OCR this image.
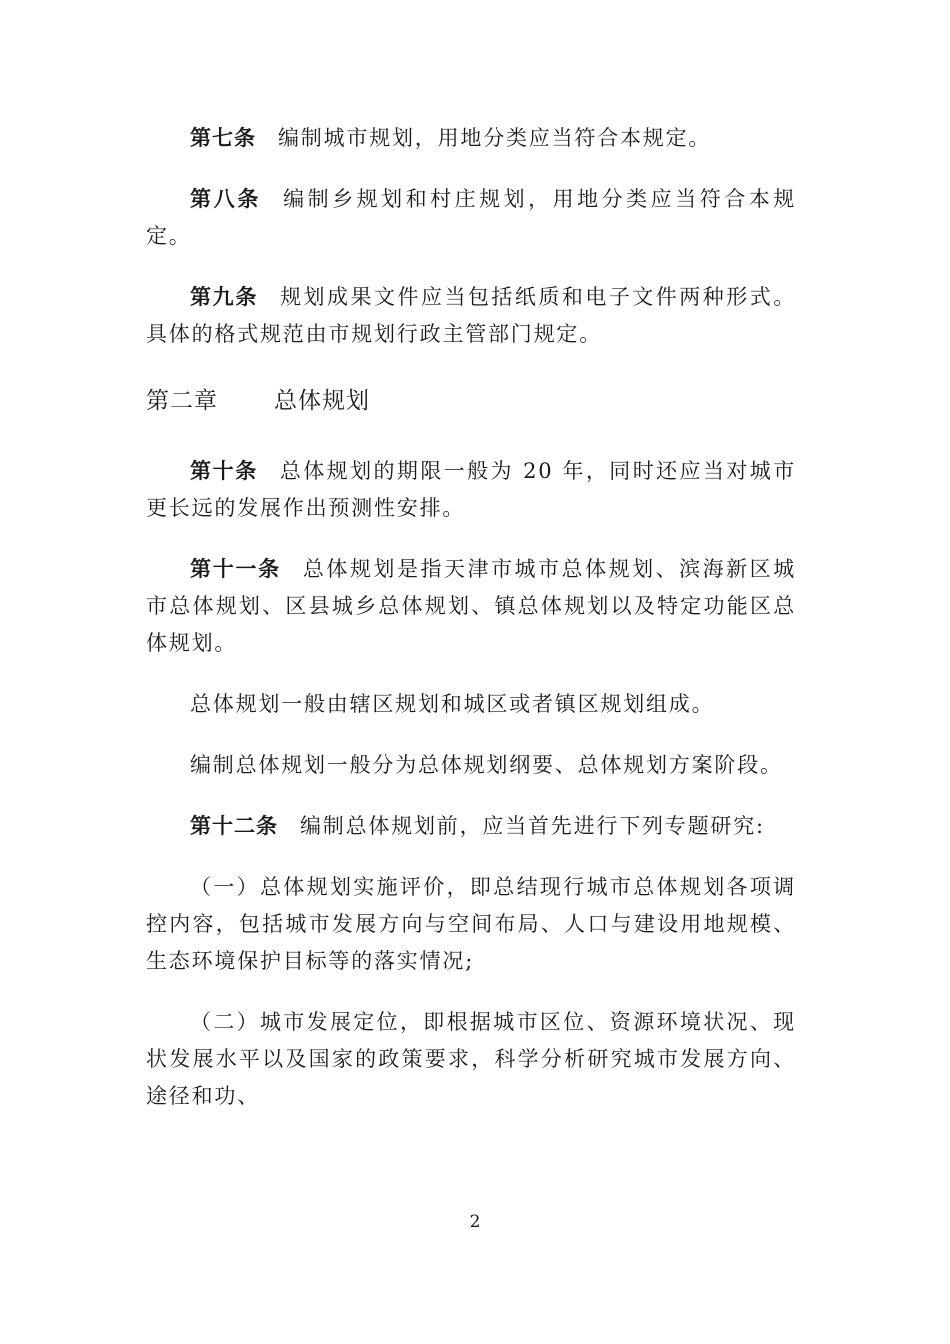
第七条 编制城市规划，用地分类应当符合本规定。

第八条 编制乡规划和村庄规划，用地分类应当符合本规定。

第九条 规划成果文件应当包括纸质和电子文件两种形式。具体的格式规范由市规划行政主管部门规定。

第二章 总体规划

第十条 总体规划的期限一般为 20 年，同时还应当对城市更长远的发展作出预测性安排。

第十一条 总体规划是指天津市城市总体规划、滨海新区城市总体规划、区县城乡总体规划、镇总体规划以及特定功能区总体规划。

总体规划一般由辖区规划和城区或者镇区规划组成。

编制总体规划一般分为总体规划纲要、总体规划方案阶段。

第十二条 编制总体规划前，应当首先进行下列专题研究:

（一）总体规划实施评价，即总结现行城市总体规划各项调控内容，包括城市发展方向与空间布局、人口与建设用地规模、生态环境保护目标等的落实情况;

（二）城市发展定位，即根据城市区位、资源环境状况、现状发展水平以及国家的政策要求，科学分析研究城市发展方向、途径和功、

2
